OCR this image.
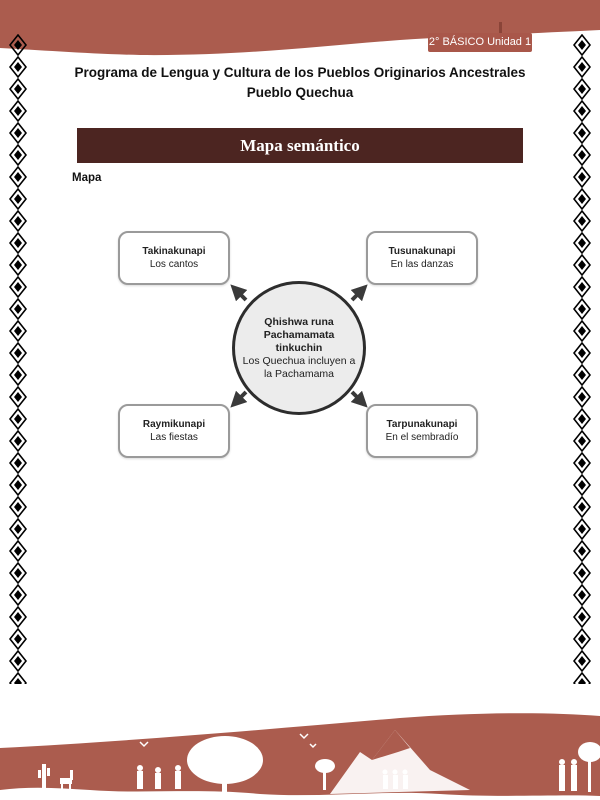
2° BÁSICO Unidad 1
Programa de Lengua y Cultura de los Pueblos Originarios Ancestrales
Pueblo Quechua
Mapa semántico
Mapa
Takinakunapi
Los cantos
Tusunakunapi
En las danzas
Raymikunapi
Las fiestas
Tarpunakunapi
En el sembradío
Qhishwa runa
Pachamamata
tinkuchin
Los Quechua incluyen a
la Pachamama
